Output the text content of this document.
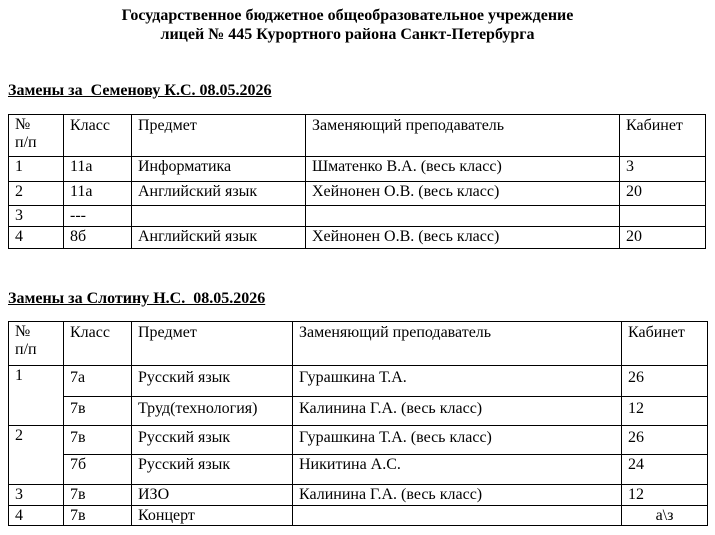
Государственное бюджетное общеобразовательное учреждение
лицей № 445 Курортного района Санкт-Петербурга
Замены за  Семенову К.С. 08.05.2026
№
п/п	Класс	Предмет	Заменяющий преподаватель	Кабинет
1	11а	Информатика	Шматенко В.А. (весь класс)	3
2	11а	Английский язык	Хейнонен О.В. (весь класс)	20
3	---			
4	8б	Английский язык	Хейнонен О.В. (весь класс)	20
Замены за Слотину Н.С.  08.05.2026
№
п/п	Класс	Предмет	Заменяющий преподаватель	Кабинет
1	7а	Русский язык	Гурашкина Т.А.	26
	7в	Труд(технология)	Калинина Г.А. (весь класс)	12
2	7в	Русский язык	Гурашкина Т.А. (весь класс)	26
	7б	Русский язык	Никитина А.С.	24
3	7в	ИЗО	Калинина Г.А. (весь класс)	12
4	7в	Концерт		а\з
